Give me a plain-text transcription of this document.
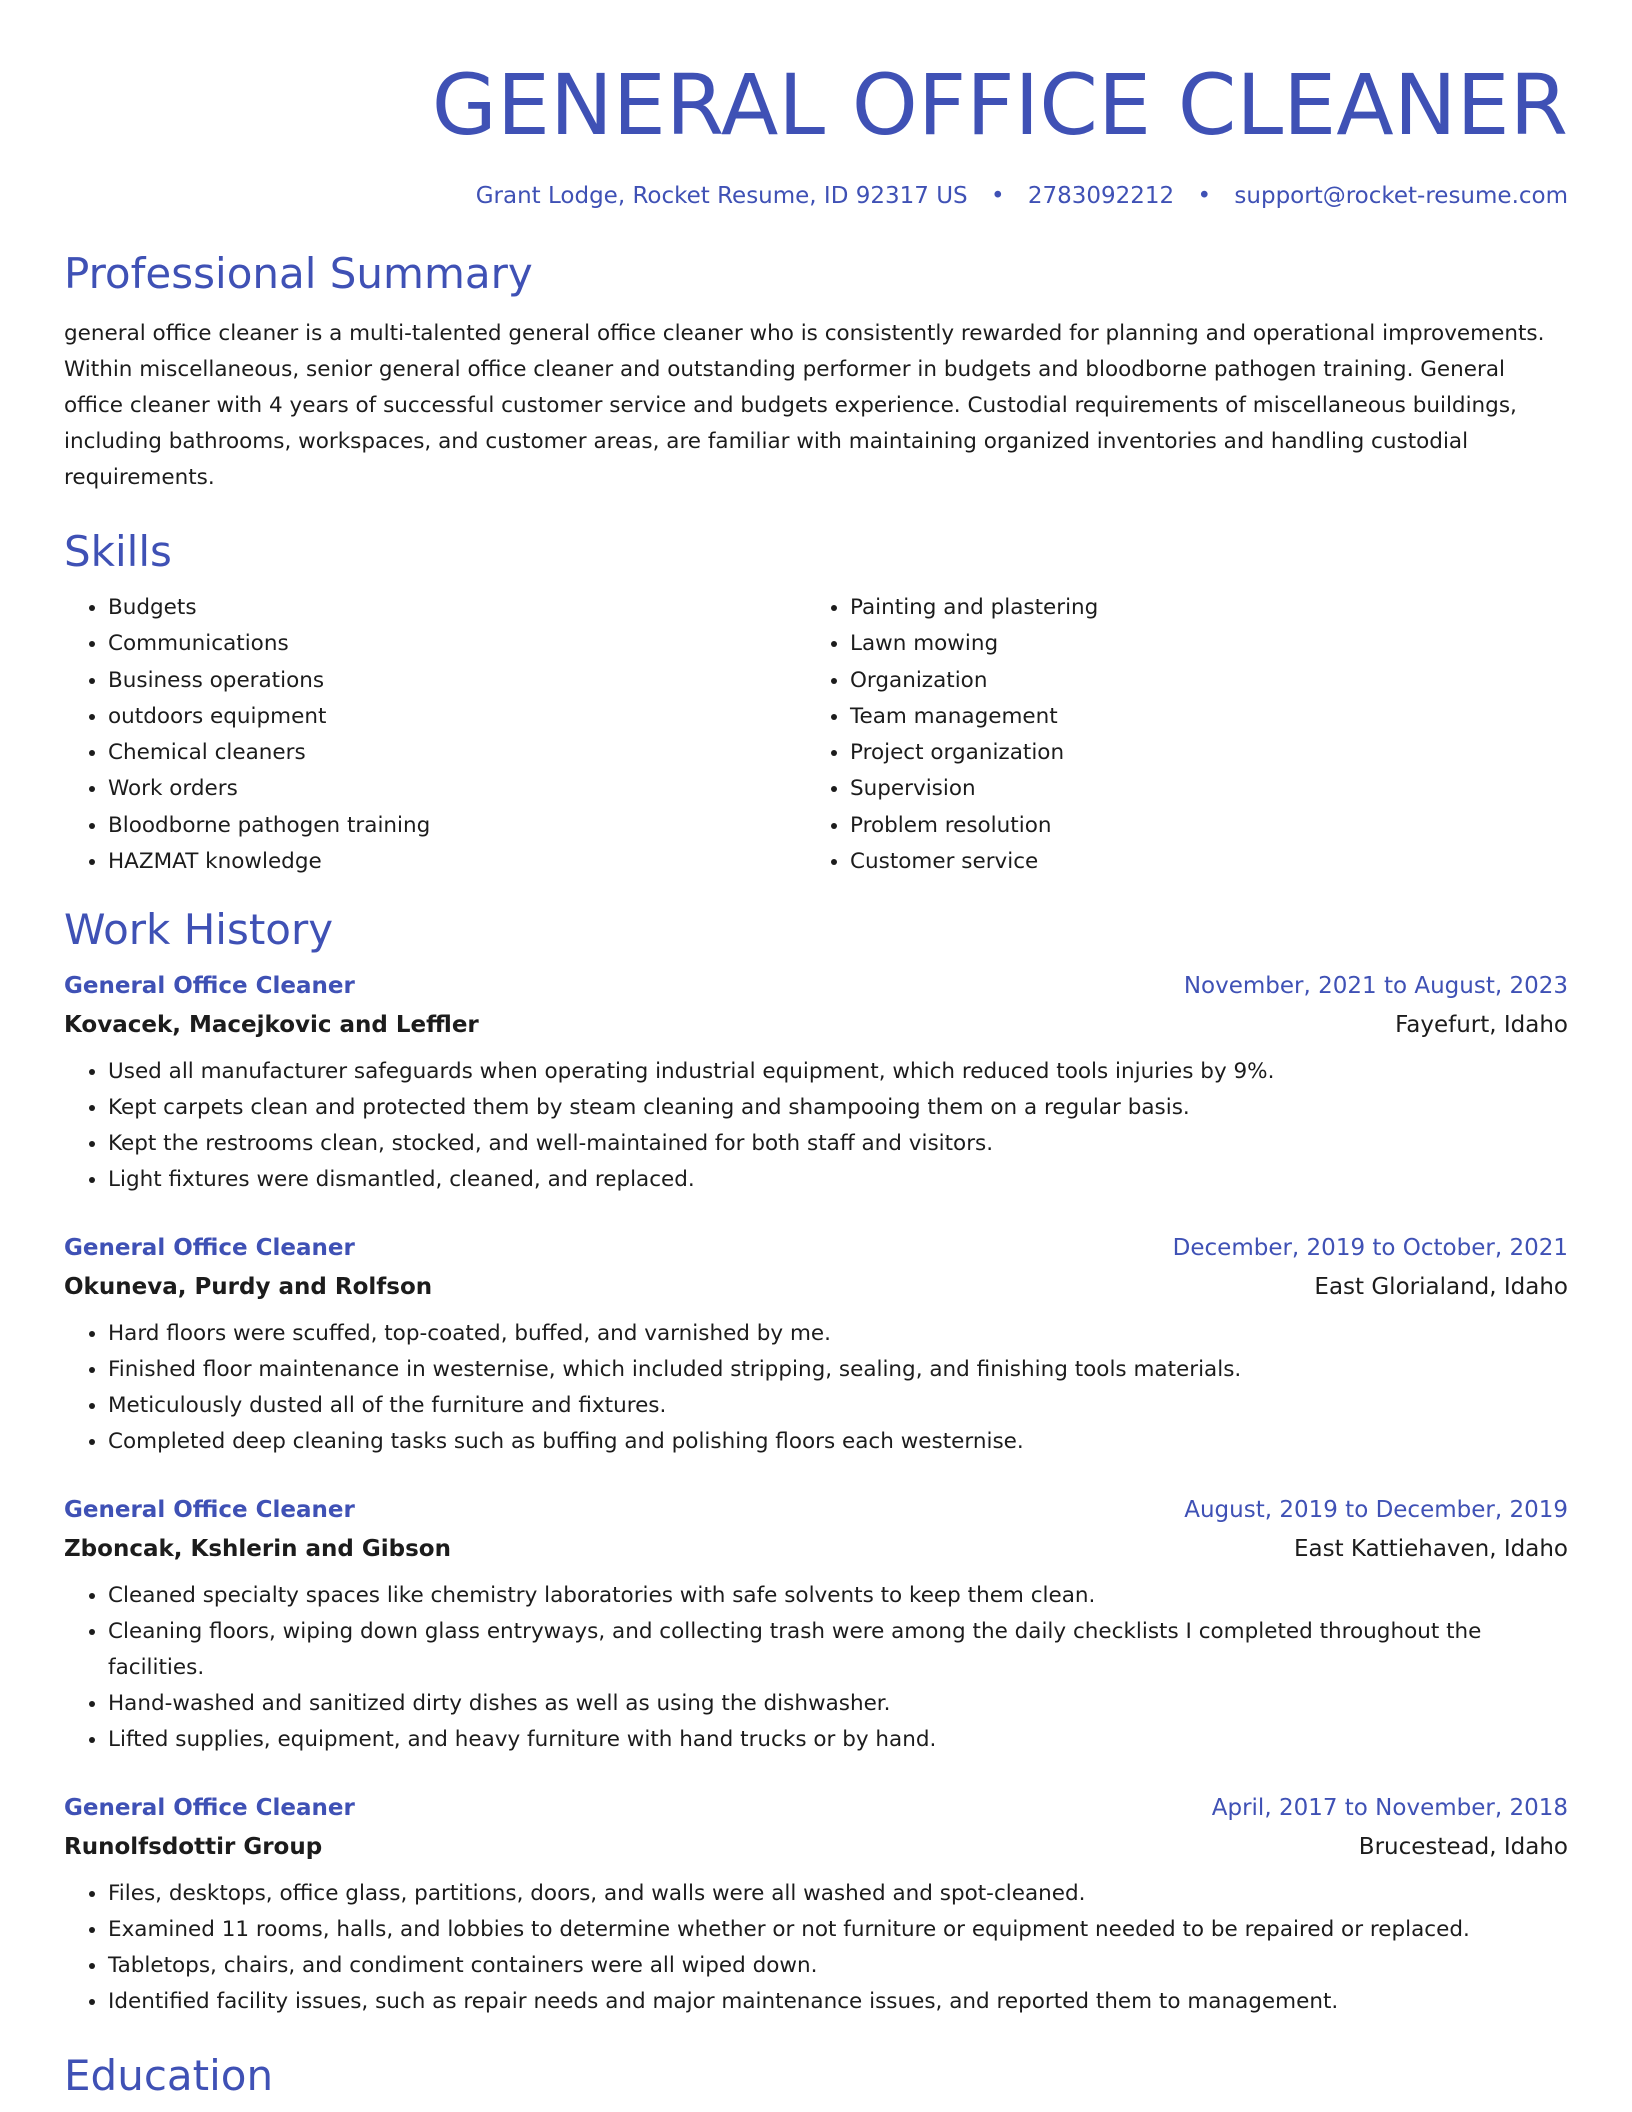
GENERAL OFFICE CLEANER
Grant Lodge, Rocket Resume, ID 92317 US • 2783092212 • support@rocket-resume.com
Professional Summary
general office cleaner is a multi-talented general office cleaner who is consistently rewarded for planning and operational improvements. Within miscellaneous, senior general office cleaner and outstanding performer in budgets and bloodborne pathogen training. General office cleaner with 4 years of successful customer service and budgets experience. Custodial requirements of miscellaneous buildings, including bathrooms, workspaces, and customer areas, are familiar with maintaining organized inventories and handling custodial requirements.
Skills
• Budgets
• Communications
• Business operations
• outdoors equipment
• Chemical cleaners
• Work orders
• Bloodborne pathogen training
• HAZMAT knowledge
• Painting and plastering
• Lawn mowing
• Organization
• Team management
• Project organization
• Supervision
• Problem resolution
• Customer service
Work History
General Office Cleaner	November, 2021 to August, 2023
Kovacek, Macejkovic and Leffler	Fayefurt, Idaho
• Used all manufacturer safeguards when operating industrial equipment, which reduced tools injuries by 9%.
• Kept carpets clean and protected them by steam cleaning and shampooing them on a regular basis.
• Kept the restrooms clean, stocked, and well-maintained for both staff and visitors.
• Light fixtures were dismantled, cleaned, and replaced.
General Office Cleaner	December, 2019 to October, 2021
Okuneva, Purdy and Rolfson	East Glorialand, Idaho
• Hard floors were scuffed, top-coated, buffed, and varnished by me.
• Finished floor maintenance in westernise, which included stripping, sealing, and finishing tools materials.
• Meticulously dusted all of the furniture and fixtures.
• Completed deep cleaning tasks such as buffing and polishing floors each westernise.
General Office Cleaner	August, 2019 to December, 2019
Zboncak, Kshlerin and Gibson	East Kattiehaven, Idaho
• Cleaned specialty spaces like chemistry laboratories with safe solvents to keep them clean.
• Cleaning floors, wiping down glass entryways, and collecting trash were among the daily checklists I completed throughout the facilities.
• Hand-washed and sanitized dirty dishes as well as using the dishwasher.
• Lifted supplies, equipment, and heavy furniture with hand trucks or by hand.
General Office Cleaner	April, 2017 to November, 2018
Runolfsdottir Group	Brucestead, Idaho
• Files, desktops, office glass, partitions, doors, and walls were all washed and spot-cleaned.
• Examined 11 rooms, halls, and lobbies to determine whether or not furniture or equipment needed to be repaired or replaced.
• Tabletops, chairs, and condiment containers were all wiped down.
• Identified facility issues, such as repair needs and major maintenance issues, and reported them to management.
Education
